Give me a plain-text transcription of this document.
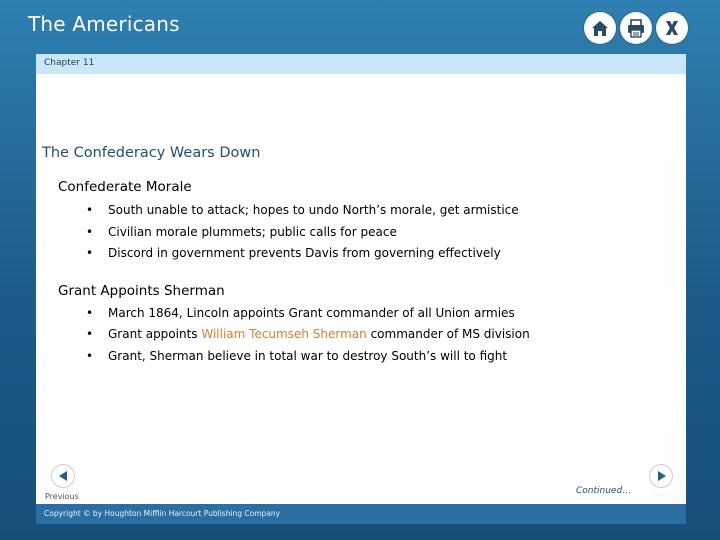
The Americans
Chapter 11
The Confederacy Wears Down
Confederate Morale
• South unable to attack; hopes to undo North’s morale, get armistice
• Civilian morale plummets; public calls for peace
• Discord in government prevents Davis from governing effectively
Grant Appoints Sherman
• March 1864, Lincoln appoints Grant commander of all Union armies
• Grant appoints William Tecumseh Sherman commander of MS division
• Grant, Sherman believe in total war to destroy South’s will to fight
Previous
Continued…	Next
Copyright © by Houghton Mifflin Harcourt Publishing Company
